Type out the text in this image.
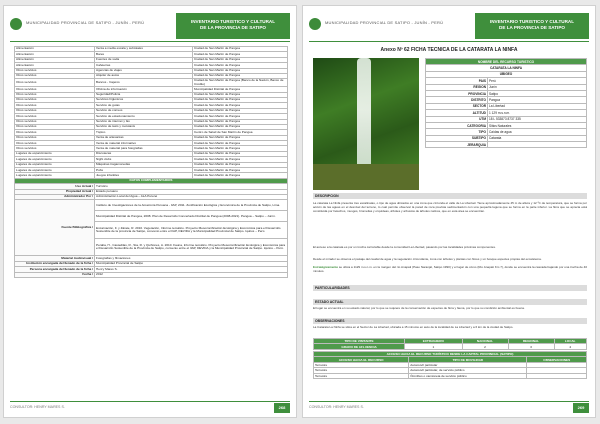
MUNICIPALIDAD PROVINCIAL DE SATIPO - JUNÍN - PERÚ	INVENTARIO TURISTICO Y CULTURAL
DE LA PROVINCIA DE SATIPO
Alimentación	Venta a media escala y subtotales	Ciudad de San Martín de Pangoa
Alimentación	Bares	Ciudad de San Martín de Pangoa
Alimentación	Fuentes de soda	Ciudad de San Martín de Pangoa
Alimentación	Cafeterías	Ciudad de San Martín de Pangoa
Otros servicios	Agencias de viajes	Ciudad de San Martín de Pangoa
Otros servicios	Alquiler de autos	Ciudad de San Martín de Pangoa
Otros servicios	Bancos - Cajeros	Ciudad de San Martín de Pangoa (Banco de la Nación, Banco de Crédito)
Otros servicios	Oficina de información	Municipalidad Distrital de Pangoa
Otros servicios	Seguridad/Policía	Ciudad de San Martín de Pangoa
Otros servicios	Servicios higiénicos	Ciudad de San Martín de Pangoa
Otros servicios	Servicio de guías	Ciudad de San Martín de Pangoa
Otros servicios	Servicio de correos	Ciudad de San Martín de Pangoa
Otros servicios	Servicio de estacionamiento	Ciudad de San Martín de Pangoa
Otros servicios	Servicio de internet y fax	Ciudad de San Martín de Pangoa
Otros servicios	Servicio de taxis y mototaxis	Ciudad de San Martín de Pangoa
Otros servicios	Tópico	Centro de Salud de San Martín de Pangoa
Otros servicios	Venta de artesanías	Ciudad de San Martín de Pangoa
Otros servicios	Venta de material informativo	Ciudad de San Martín de Pangoa
Otros servicios	Venta de material para fotografías	Ciudad de San Martín de Pangoa
Lugares de esparcimiento	Discotecas	Ciudad de San Martín de Pangoa
Lugares de esparcimiento	Night clubs	Ciudad de San Martín de Pangoa
Lugares de esparcimiento	Máquinas tragamonedas	Ciudad de San Martín de Pangoa
Lugares de esparcimiento	Pubs	Ciudad de San Martín de Pangoa
Lugares de esparcimiento	Juegos infantiles	Ciudad de San Martín de Pangoa
DATOS COMPLEMENTARIOS		
Uso Actual /	Turístico	
Propiedad Actual /	Estado peruano	
Administrador Por /	Administración Local del Agua – ALA Perené	
Fuente Bibliográfica /	Instituto de Investigaciones de la Amazonía Peruana - IIAP, 2011. Zonificación Ecológica y Económica de la Provincia de Satipo, Lima.	
	Municipalidad Distrital de Pangoa, 2008. Plan de Desarrollo Concertado Distrital de Pangoa (2008-2021). Pangoa – Satipo – Junín.	
	Encarnación, F. y Zárate, R. 2010. Vegetación, Informe temático. Proyecto Mesozonificación Ecológica y Económica para el Desarrollo Sostenible de la provincia de Satipo, convenio entre el IIAP, DEVIDA y la Municipalidad Provincial de Satipo. Iquitos – Perú.	
	Peralta, H., Castedilas, R., Sta, R. y Quiñones, A. 2010. Fauna, Informe temático. Proyecto Mesozonificación Ecológica y Económica para el Desarrollo Sostenible de la Provincia de Satipo, convenio entre el IIAP, DEVIDA y la Municipalidad Provincial de Satipo. Iquitos – Perú.	
Material Audiovisual /	Fotografías y filmaciones	
Institución encargada del llenado de la ficha /	Municipalidad Provincial de Satipo	
Persona encargada del llenado de la ficha /	Henry Mares S.	
Fecha /	2012	
CONSULTOR: HENRY MARES S.	268
MUNICIPALIDAD PROVINCIAL DE SATIPO - JUNÍN - PERÚ	INVENTARIO TURISTICO Y CULTURAL
DE LA PROVINCIA DE SATIPO
Anexo Nº 62 FICHA TECNICA DE LA CATARATA LA NINFA
NOMBRE DEL RECURSO TURISTICO	
CATARATA LA NINFA	
UBIGEO	
PAIS	Perú
REGION	Junín
PROVINCIA	Satipo
DISTRITO	Pangoa
SECTOR	La Libertad
ALTITUD	1 129 m.s.n.m.
UTM	18 L 533873 8737 335
CATEGORIA	Sitios Naturales
TIPO	Caídas de agua
SUBTIPO	Catarata
JERARQUIA	
DESCRIPCION
La catarata La Ninfa presenta tres escalinatas, o tipo de agua ubicados en una zona que circunda el valle de La Libertad. Tiene aproximadamente 45 m de altura y 12 ºC de temperatura, que se forma por acción de las aguas en el desnivel del terreno, lo cual permite observar la pared de roca prevista sedimentación con una pequeña laguna que se forma en la parte inferior. La flora que se aprecia está constituida por helechos, musgos, bromelias y orquídeas, árboles y arbustos de árboles nativos, que en esta área se encuentran.
El acceso a la catarata es por un trocha carrozable desde la comunidad La Libertad, pasando por las localidades próximas componentes.
Desde el mirador se observa el paisaje del caudal de agua y la vegetación circundante, zona con árboles y plantas con flores y un bosque especies propias del ecosistema.
Estratégicamente se ubica a 1129 m.s.n.m. en la margen del río Anapati (Paso Naranjal, Satipo 1990) y el lugar de cómo (Río Anapati Km 7), donde se encuentra la cascada bajando por una trocha de 40 minutos.
PARTICULARIDADES
ESTADO ACTUAL
El lugar se encuentra en su estado natural, por lo que se requiere de la conservación de especies de flora y fauna, por lo que su condición ambiental es buena.
OBSERVACIONES
La Catarata La Ninfa se sitúa en el Sector de La Libertad, ubicada a 15 minutos en auto de la localidad de La Libertad y a 6 km de la ciudad de Satipo.
TIPO DE VISITANTE	EXTRANJERO	NACIONAL	REGIONAL	LOCAL
GRADO DE AFLUENCIA	1	2	3	4
ACCESO HACIA EL RECURSO TURÍSTICO DESDE LA CAPITAL PROVINCIAL (SATIPO)		
ACCESO HACIA EL RECURSO	TIPO DE MOVILIDAD	OBSERVACIONES
Terrestre	Automóvil particular	
Terrestre	Automóvil particular, de servicio público	
Terrestre	Ómnibus o camioneta de servicio público	
CONSULTOR: HENRY MARES S.	269
